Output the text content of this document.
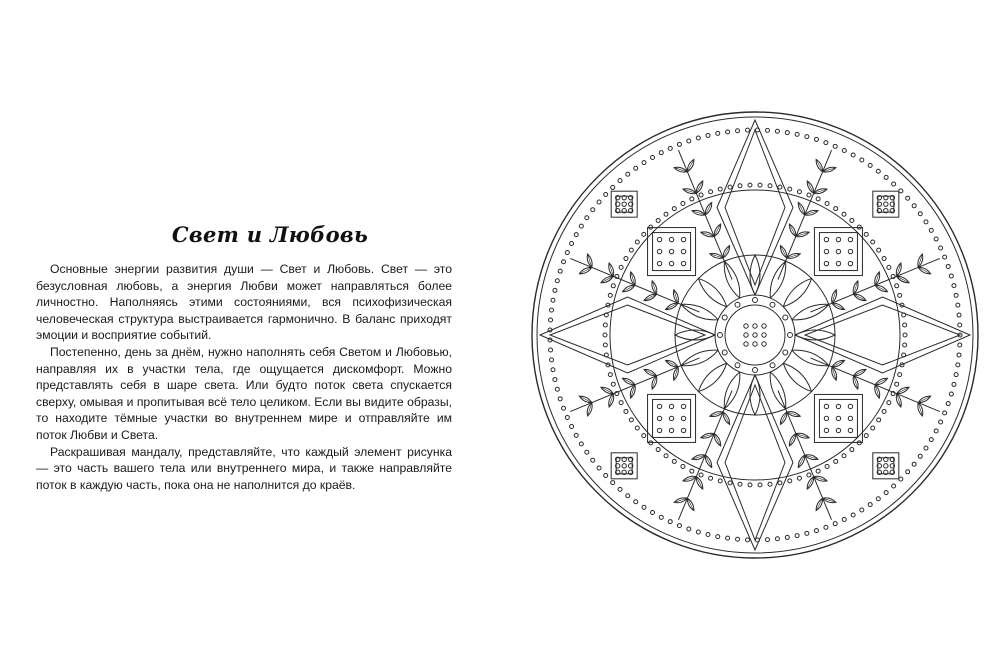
Свет и Любовь

Основные энергии развития души — Свет и Любовь. Свет — это безусловная любовь, а энергия Любви может направляться более личностно. Наполняясь этими состояниями, вся психофизическая человеческая структура выстраивается гармонично. В баланс приходят эмоции и восприятие событий.

Постепенно, день за днём, нужно наполнять себя Светом и Любовью, направляя их в участки тела, где ощущается дискомфорт. Можно представлять себя в шаре света. Или будто поток света спускается сверху, омывая и пропитывая всё тело целиком. Если вы видите образы, то находите тёмные участки во внутреннем мире и отправляйте им поток Любви и Света.

Раскрашивая мандалу, представляйте, что каждый элемент рисунка — это часть вашего тела или внутреннего мира, и также направляйте поток в каждую часть, пока она не наполнится до краёв.
